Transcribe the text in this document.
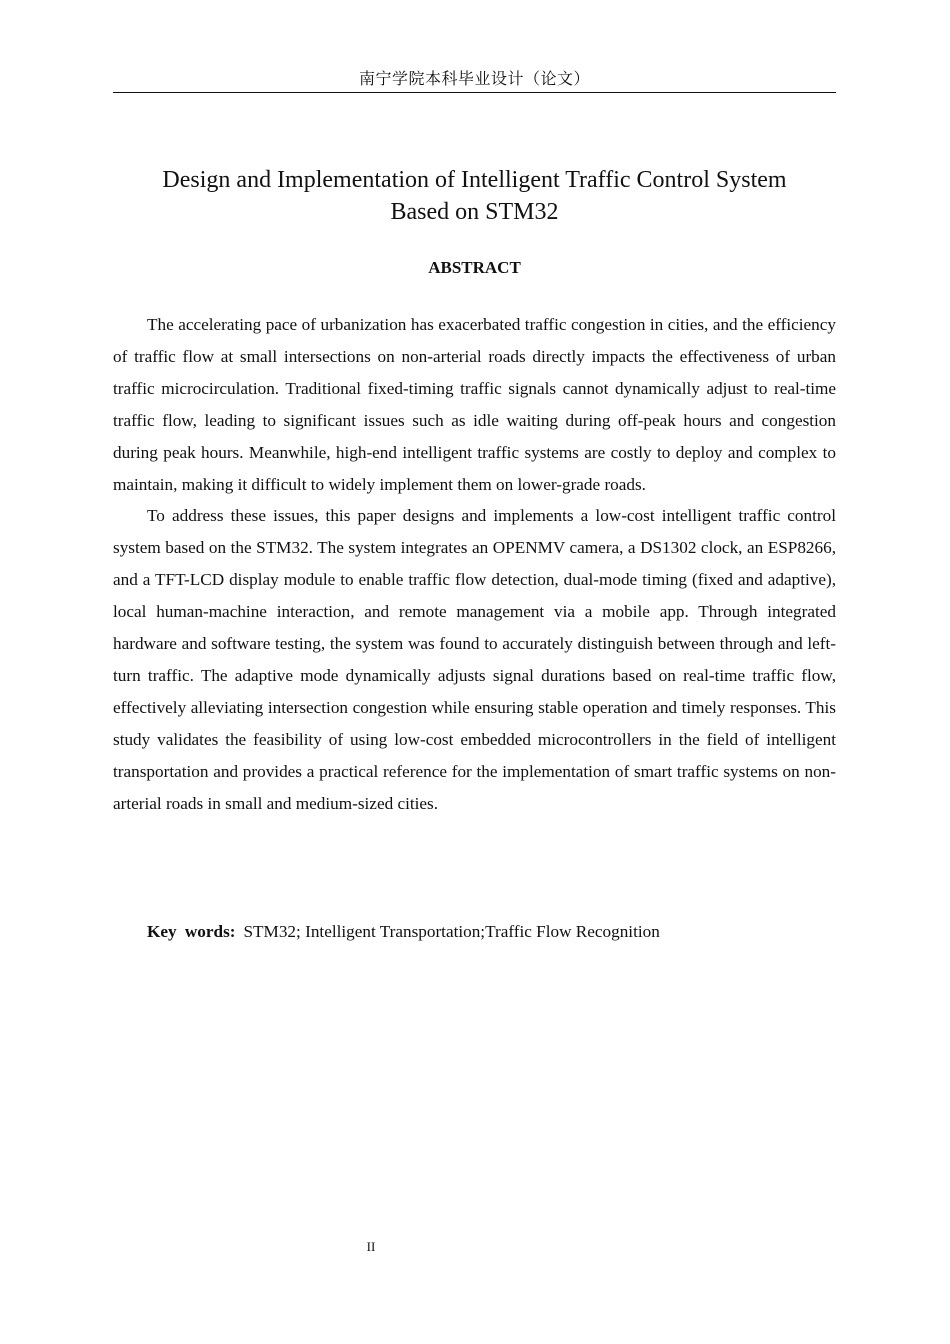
南宁学院本科毕业设计（论文）
Design and Implementation of Intelligent Traffic Control System
Based on STM32
ABSTRACT

The accelerating pace of urbanization has exacerbated traffic congestion in cities, and the efficiency of traffic flow at small intersections on non-arterial roads directly impacts the effectiveness of urban traffic microcirculation. Traditional fixed-timing traffic signals cannot dynamically adjust to real-time traffic flow, leading to significant issues such as idle waiting during off-peak hours and congestion during peak hours. Meanwhile, high-end intelligent traffic systems are costly to deploy and complex to maintain, making it difficult to widely implement them on lower-grade roads.

To address these issues, this paper designs and implements a low-cost intelligent traffic control system based on the STM32. The system integrates an OPENMV camera, a DS1302 clock, an ESP8266, and a TFT-LCD display module to enable traffic flow detection, dual-mode timing (fixed and adaptive), local human-machine interaction, and remote management via a mobile app. Through integrated hardware and software testing, the system was found to accurately distinguish between through and left-turn traffic. The adaptive mode dynamically adjusts signal durations based on real-time traffic flow, effectively alleviating intersection congestion while ensuring stable operation and timely responses. This study validates the feasibility of using low-cost embedded microcontrollers in the field of intelligent transportation and provides a practical reference for the implementation of smart traffic systems on non-arterial roads in small and medium-sized cities.

Key words: STM32; Intelligent Transportation;Traffic Flow Recognition
II
